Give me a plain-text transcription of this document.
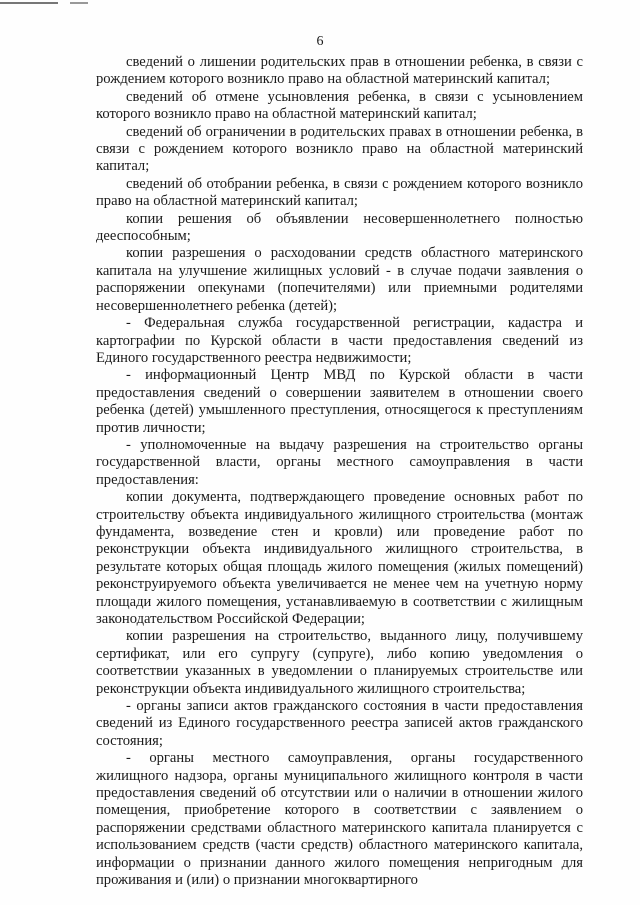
6

сведений о лишении родительских прав в отношении ребенка, в связи с рождением которого возникло право на областной материнский капитал;

сведений об отмене усыновления ребенка, в связи с усыновлением которого возникло право на областной материнский капитал;

сведений об ограничении в родительских правах в отношении ребенка, в связи с рождением которого возникло право на областной материнский капитал;

сведений об отобрании ребенка, в связи с рождением которого возникло право на областной материнский капитал;

копии решения об объявлении несовершеннолетнего полностью дееспособным;

копии разрешения о расходовании средств областного материнского капитала на улучшение жилищных условий - в случае подачи заявления о распоряжении опекунами (попечителями) или приемными родителями несовершеннолетнего ребенка (детей);

- Федеральная служба государственной регистрации, кадастра и картографии по Курской области в части предоставления сведений из Единого государственного реестра недвижимости;

- информационный Центр МВД по Курской области в части предоставления сведений о совершении заявителем в отношении своего ребенка (детей) умышленного преступления, относящегося к преступлениям против личности;

- уполномоченные на выдачу разрешения на строительство органы государственной власти, органы местного самоуправления в части предоставления:

копии документа, подтверждающего проведение основных работ по строительству объекта индивидуального жилищного строительства (монтаж фундамента, возведение стен и кровли) или проведение работ по реконструкции объекта индивидуального жилищного строительства, в результате которых общая площадь жилого помещения (жилых помещений) реконструируемого объекта увеличивается не менее чем на учетную норму площади жилого помещения, устанавливаемую в соответствии с жилищным законодательством Российской Федерации;

копии разрешения на строительство, выданного лицу, получившему сертификат, или его супругу (супруге), либо копию уведомления о соответствии указанных в уведомлении о планируемых строительстве или реконструкции объекта индивидуального жилищного строительства;

- органы записи актов гражданского состояния в части предоставления сведений из Единого государственного реестра записей актов гражданского состояния;

- органы местного самоуправления, органы государственного жилищного надзора, органы муниципального жилищного контроля в части предоставления сведений об отсутствии или о наличии в отношении жилого помещения, приобретение которого в соответствии с заявлением о распоряжении средствами областного материнского капитала планируется с использованием средств (части средств) областного материнского капитала, информации о признании данного жилого помещения непригодным для проживания и (или) о признании многоквартирного
